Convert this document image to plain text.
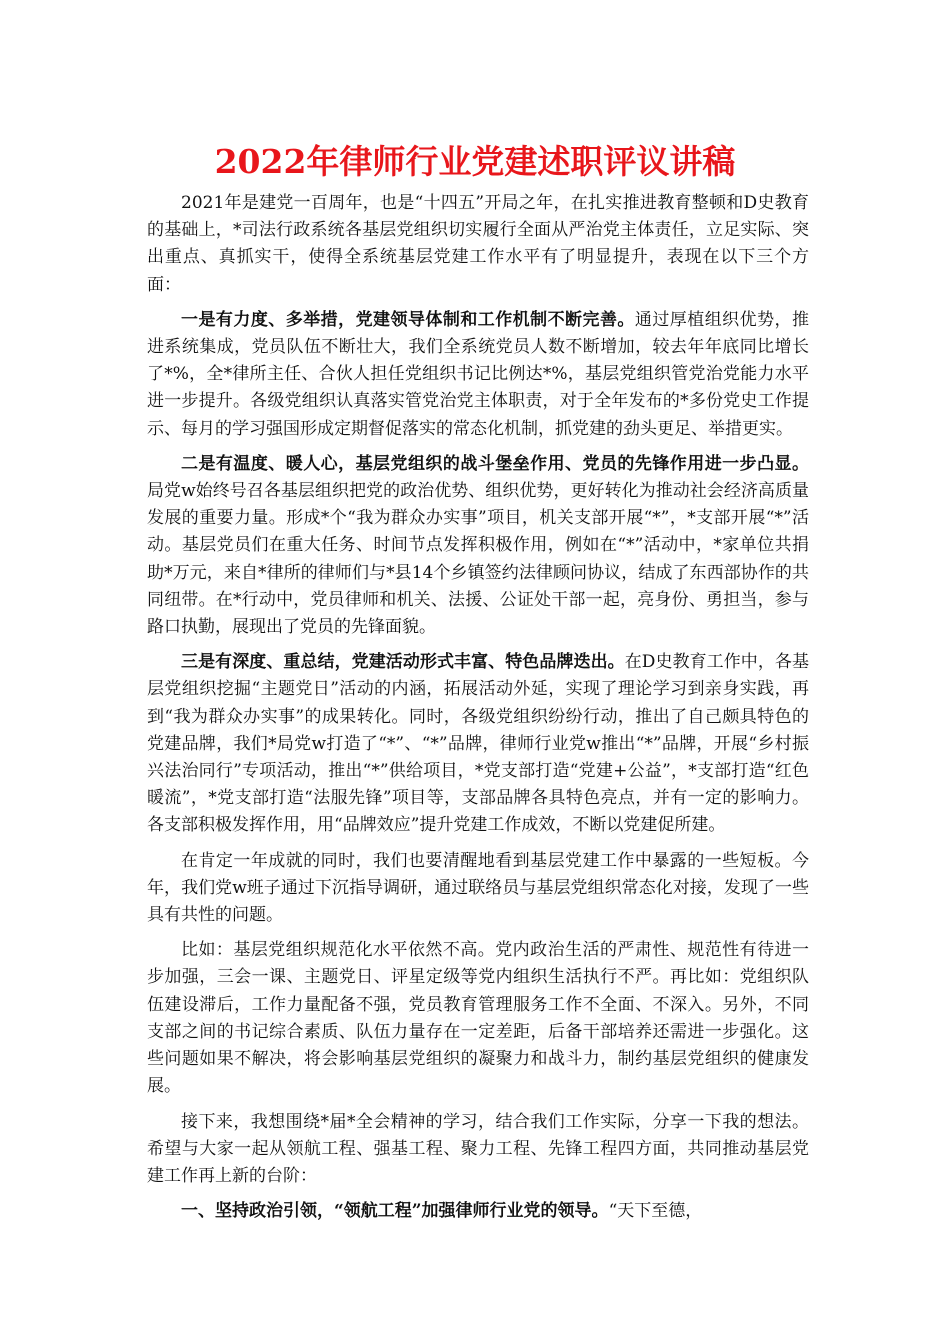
2022年律师行业党建述职评议讲稿

2021年是建党一百周年，也是“十四五”开局之年，在扎实推进教育整顿和D史教育的基础上，*司法行政系统各基层党组织切实履行全面从严治党主体责任，立足实际、突出重点、真抓实干，使得全系统基层党建工作水平有了明显提升，表现在以下三个方面：

一是有力度、多举措，党建领导体制和工作机制不断完善。通过厚植组织优势，推进系统集成，党员队伍不断壮大，我们全系统党员人数不断增加，较去年年底同比增长了*%，全*律所主任、合伙人担任党组织书记比例达*%，基层党组织管党治党能力水平进一步提升。各级党组织认真落实管党治党主体职责，对于全年发布的*多份党史工作提示、每月的学习强国形成定期督促落实的常态化机制，抓党建的劲头更足、举措更实。

二是有温度、暖人心，基层党组织的战斗堡垒作用、党员的先锋作用进一步凸显。局党w始终号召各基层组织把党的政治优势、组织优势，更好转化为推动社会经济高质量发展的重要力量。形成*个“我为群众办实事”项目，机关支部开展“*”，*支部开展“*”活动。基层党员们在重大任务、时间节点发挥积极作用，例如在“*”活动中，*家单位共捐助*万元，来自*律所的律师们与*县14个乡镇签约法律顾问协议，结成了东西部协作的共同纽带。在*行动中，党员律师和机关、法援、公证处干部一起，亮身份、勇担当，参与路口执勤，展现出了党员的先锋面貌。

三是有深度、重总结，党建活动形式丰富、特色品牌迭出。在D史教育工作中，各基层党组织挖掘“主题党日”活动的内涵，拓展活动外延，实现了理论学习到亲身实践，再到“我为群众办实事”的成果转化。同时，各级党组织纷纷行动，推出了自己颇具特色的党建品牌，我们*局党w打造了“*”、“*”品牌，律师行业党w推出“*”品牌，开展“乡村振兴法治同行”专项活动，推出“*”供给项目，*党支部打造“党建+公益”，*支部打造“红色暖流”，*党支部打造“法服先锋”项目等，支部品牌各具特色亮点，并有一定的影响力。各支部积极发挥作用，用“品牌效应”提升党建工作成效，不断以党建促所建。

在肯定一年成就的同时，我们也要清醒地看到基层党建工作中暴露的一些短板。今年，我们党w班子通过下沉指导调研，通过联络员与基层党组织常态化对接，发现了一些具有共性的问题。

比如：基层党组织规范化水平依然不高。党内政治生活的严肃性、规范性有待进一步加强，三会一课、主题党日、评星定级等党内组织生活执行不严。再比如：党组织队伍建设滞后，工作力量配备不强，党员教育管理服务工作不全面、不深入。另外，不同支部之间的书记综合素质、队伍力量存在一定差距，后备干部培养还需进一步强化。这些问题如果不解决，将会影响基层党组织的凝聚力和战斗力，制约基层党组织的健康发展。

接下来，我想围绕*届*全会精神的学习，结合我们工作实际，分享一下我的想法。希望与大家一起从领航工程、强基工程、聚力工程、先锋工程四方面，共同推动基层党建工作再上新的台阶：

一、坚持政治引领，“领航工程”加强律师行业党的领导。“天下至德，
